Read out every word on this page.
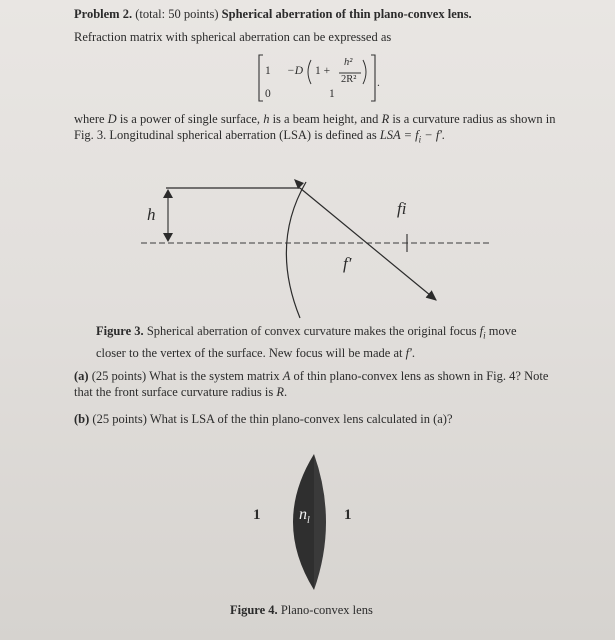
Problem 2. (total: 50 points) Spherical aberration of thin plano-convex lens.
Refraction matrix with spherical aberration can be expressed as
1 −D 1 +
h²
2R² .
0	1
where D is a power of single surface, h is a beam height, and R is a curvature radius as shown in
Fig. 3. Longitudinal spherical aberration (LSA) is defined as LSA = $f_i - f'$.
h	fi
f′
Figure 3. Spherical aberration of convex curvature makes the original focus $f_i$ move
closer to the vertex of the surface. New focus will be made at f′.
(a) (25 points) What is the system matrix A of thin plano-convex lens as shown in Fig. 4? Note
that the front surface curvature radius is R.
(b) (25 points) What is LSA of the thin plano-convex lens calculated in (a)?
1 $n_l$ 1
Figure 4. Plano-convex lens
